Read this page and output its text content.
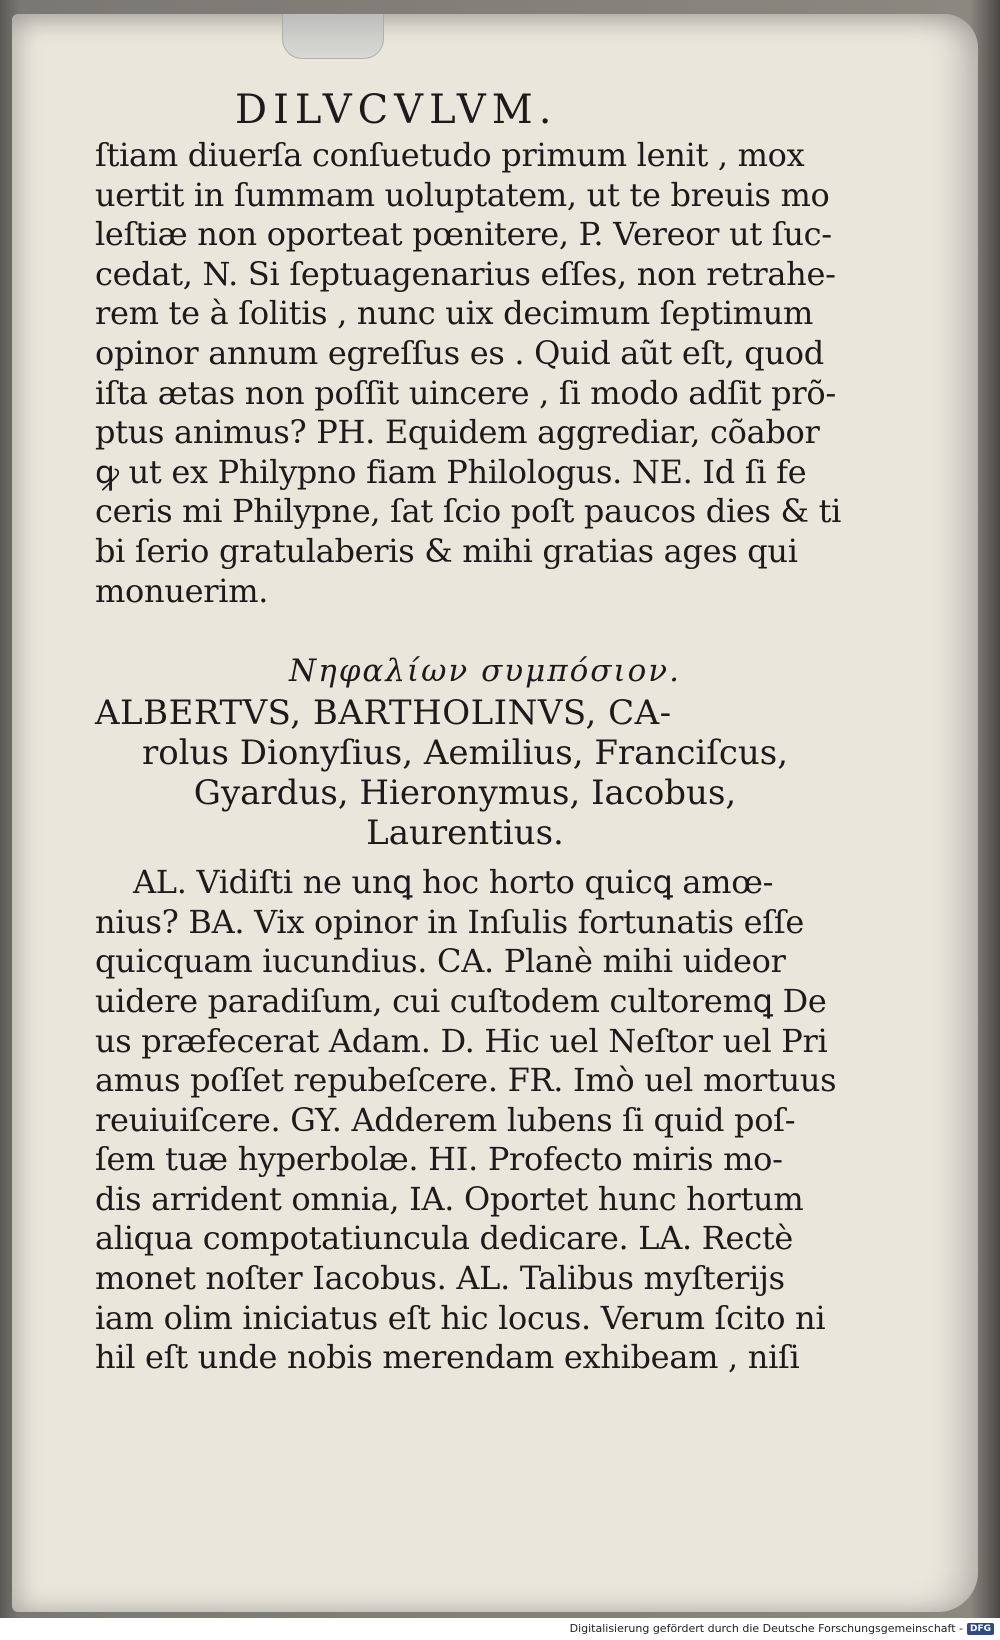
DILVCVLVM.

ſtiam diuerſa conſuetudo primum lenit , mox

uertit in ſummam uoluptatem, ut te breuis mo

leſtiæ non oporteat pœnitere, P. Vereor ut ſuc-

cedat, N. Si ſeptuagenarius eſſes, non retrahe-

rem te à ſolitis , nunc uix decimum ſeptimum

opinor annum egreſſus es . Quid aũt eſt, quod

iſta ætas non poſſit uincere , ſi modo adſit prõ-

ptus animus? PH. Equidem aggrediar, cõabor

ꝙ ut ex Philypno fiam Philologus. NE. Id ſi fe

ceris mi Philypne, ſat ſcio poſt paucos dies & ti

bi ſerio gratulaberis & mihi gratias ages qui

monuerim.

Νηφαλίων συμπόσιον.

ALBERTVS, BARTHOLINVS, CA-

rolus Dionyſius, Aemilius, Franciſcus,

Gyardus, Hieronymus, Iacobus,

Laurentius.

AL. Vidiſti ne unꝗ hoc horto quicꝗ amœ-

nius? BA. Vix opinor in Inſulis fortunatis eſſe

quicquam iucundius. CA. Planè mihi uideor

uidere paradiſum, cui cuſtodem cultoremꝗ De

us præfecerat Adam. D. Hic uel Neſtor uel Pri

amus poſſet repubeſcere. FR. Imò uel mortuus

reuiuiſcere. GY. Adderem lubens ſi quid poſ-

ſem tuæ hyperbolæ. HI. Profecto miris mo-

dis arrident omnia, IA. Oportet hunc hortum

aliqua compotatiuncula dedicare. LA. Rectè

monet noſter Iacobus. AL. Talibus myſterijs

iam olim iniciatus eſt hic locus. Verum ſcito ni

hil eſt unde nobis merendam exhibeam , niſi

Digitalisierung gefördert durch die Deutsche Forschungsgemeinschaft - DFG
